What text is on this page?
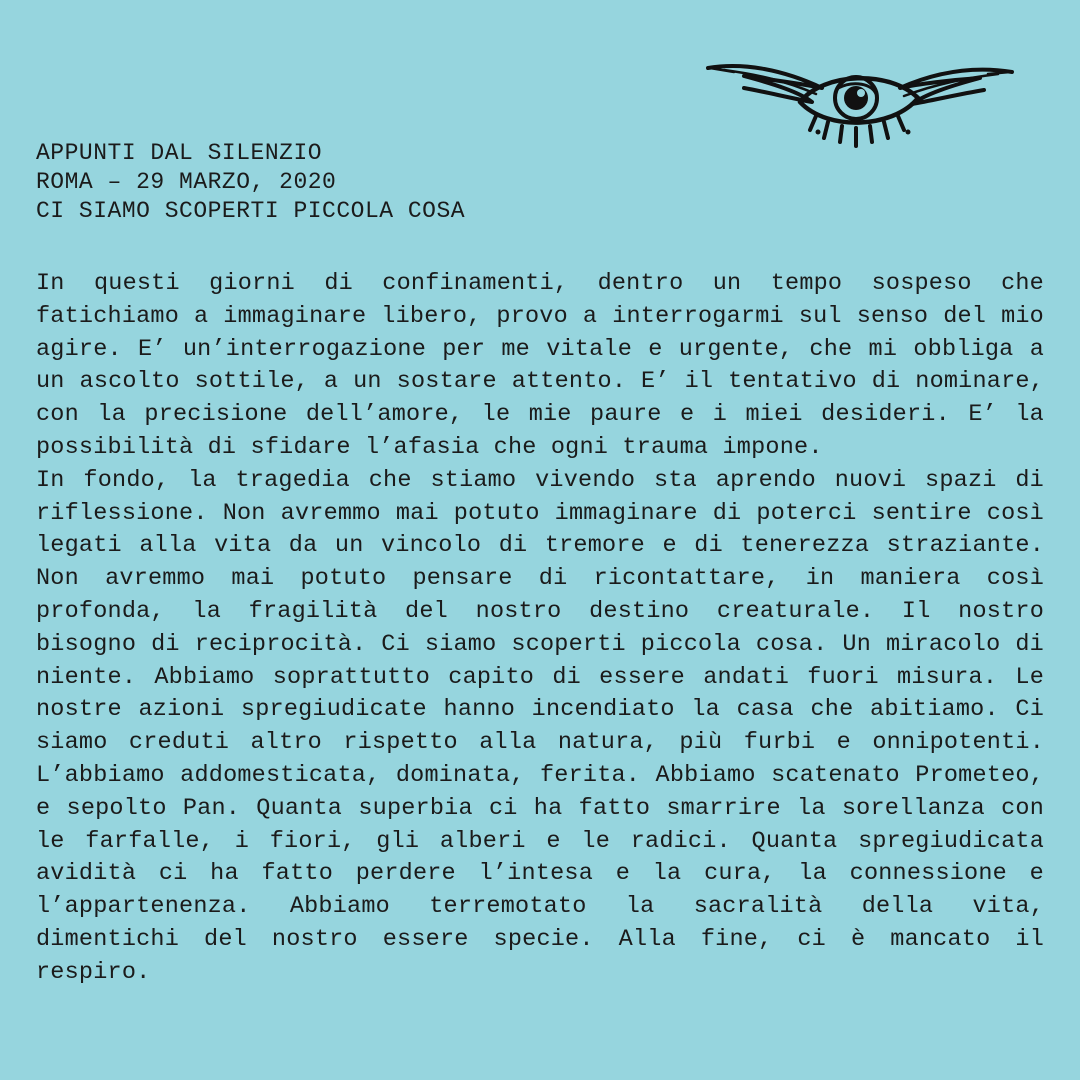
APPUNTI DAL SILENZIO
ROMA – 29 MARZO, 2020
CI SIAMO SCOPERTI PICCOLA COSA

In questi giorni di confinamenti, dentro un tempo sospeso che fatichiamo a immaginare libero, provo a interrogarmi sul senso del mio agire. E’ un’interrogazione per me vitale e urgente, che mi obbliga a un ascolto sottile, a un sostare attento. E’ il tentativo di nominare, con la precisione dell’amore, le mie paure e i miei desideri. E’ la possibilità di sfidare l’afasia che ogni trauma impone.

In fondo, la tragedia che stiamo vivendo sta aprendo nuovi spazi di riflessione. Non avremmo mai potuto immaginare di poterci sentire così legati alla vita da un vincolo di tremore e di tenerezza straziante. Non avremmo mai potuto pensare di ricontattare, in maniera così profonda, la fragilità del nostro destino creaturale. Il nostro bisogno di reciprocità. Ci siamo scoperti piccola cosa. Un miracolo di niente. Abbiamo soprattutto capito di essere andati fuori misura. Le nostre azioni spregiudicate hanno incendiato la casa che abitiamo. Ci siamo creduti altro rispetto alla natura, più furbi e onnipotenti. L’abbiamo addomesticata, dominata, ferita. Abbiamo scatenato Prometeo, e sepolto Pan. Quanta superbia ci ha fatto smarrire la sorellanza con le farfalle, i fiori, gli alberi e le radici. Quanta spregiudicata avidità ci ha fatto perdere l’intesa e la cura, la connessione e l’appartenenza. Abbiamo terremotato la sacralità della vita, dimentichi del nostro essere specie. Alla fine, ci è mancato il respiro.
